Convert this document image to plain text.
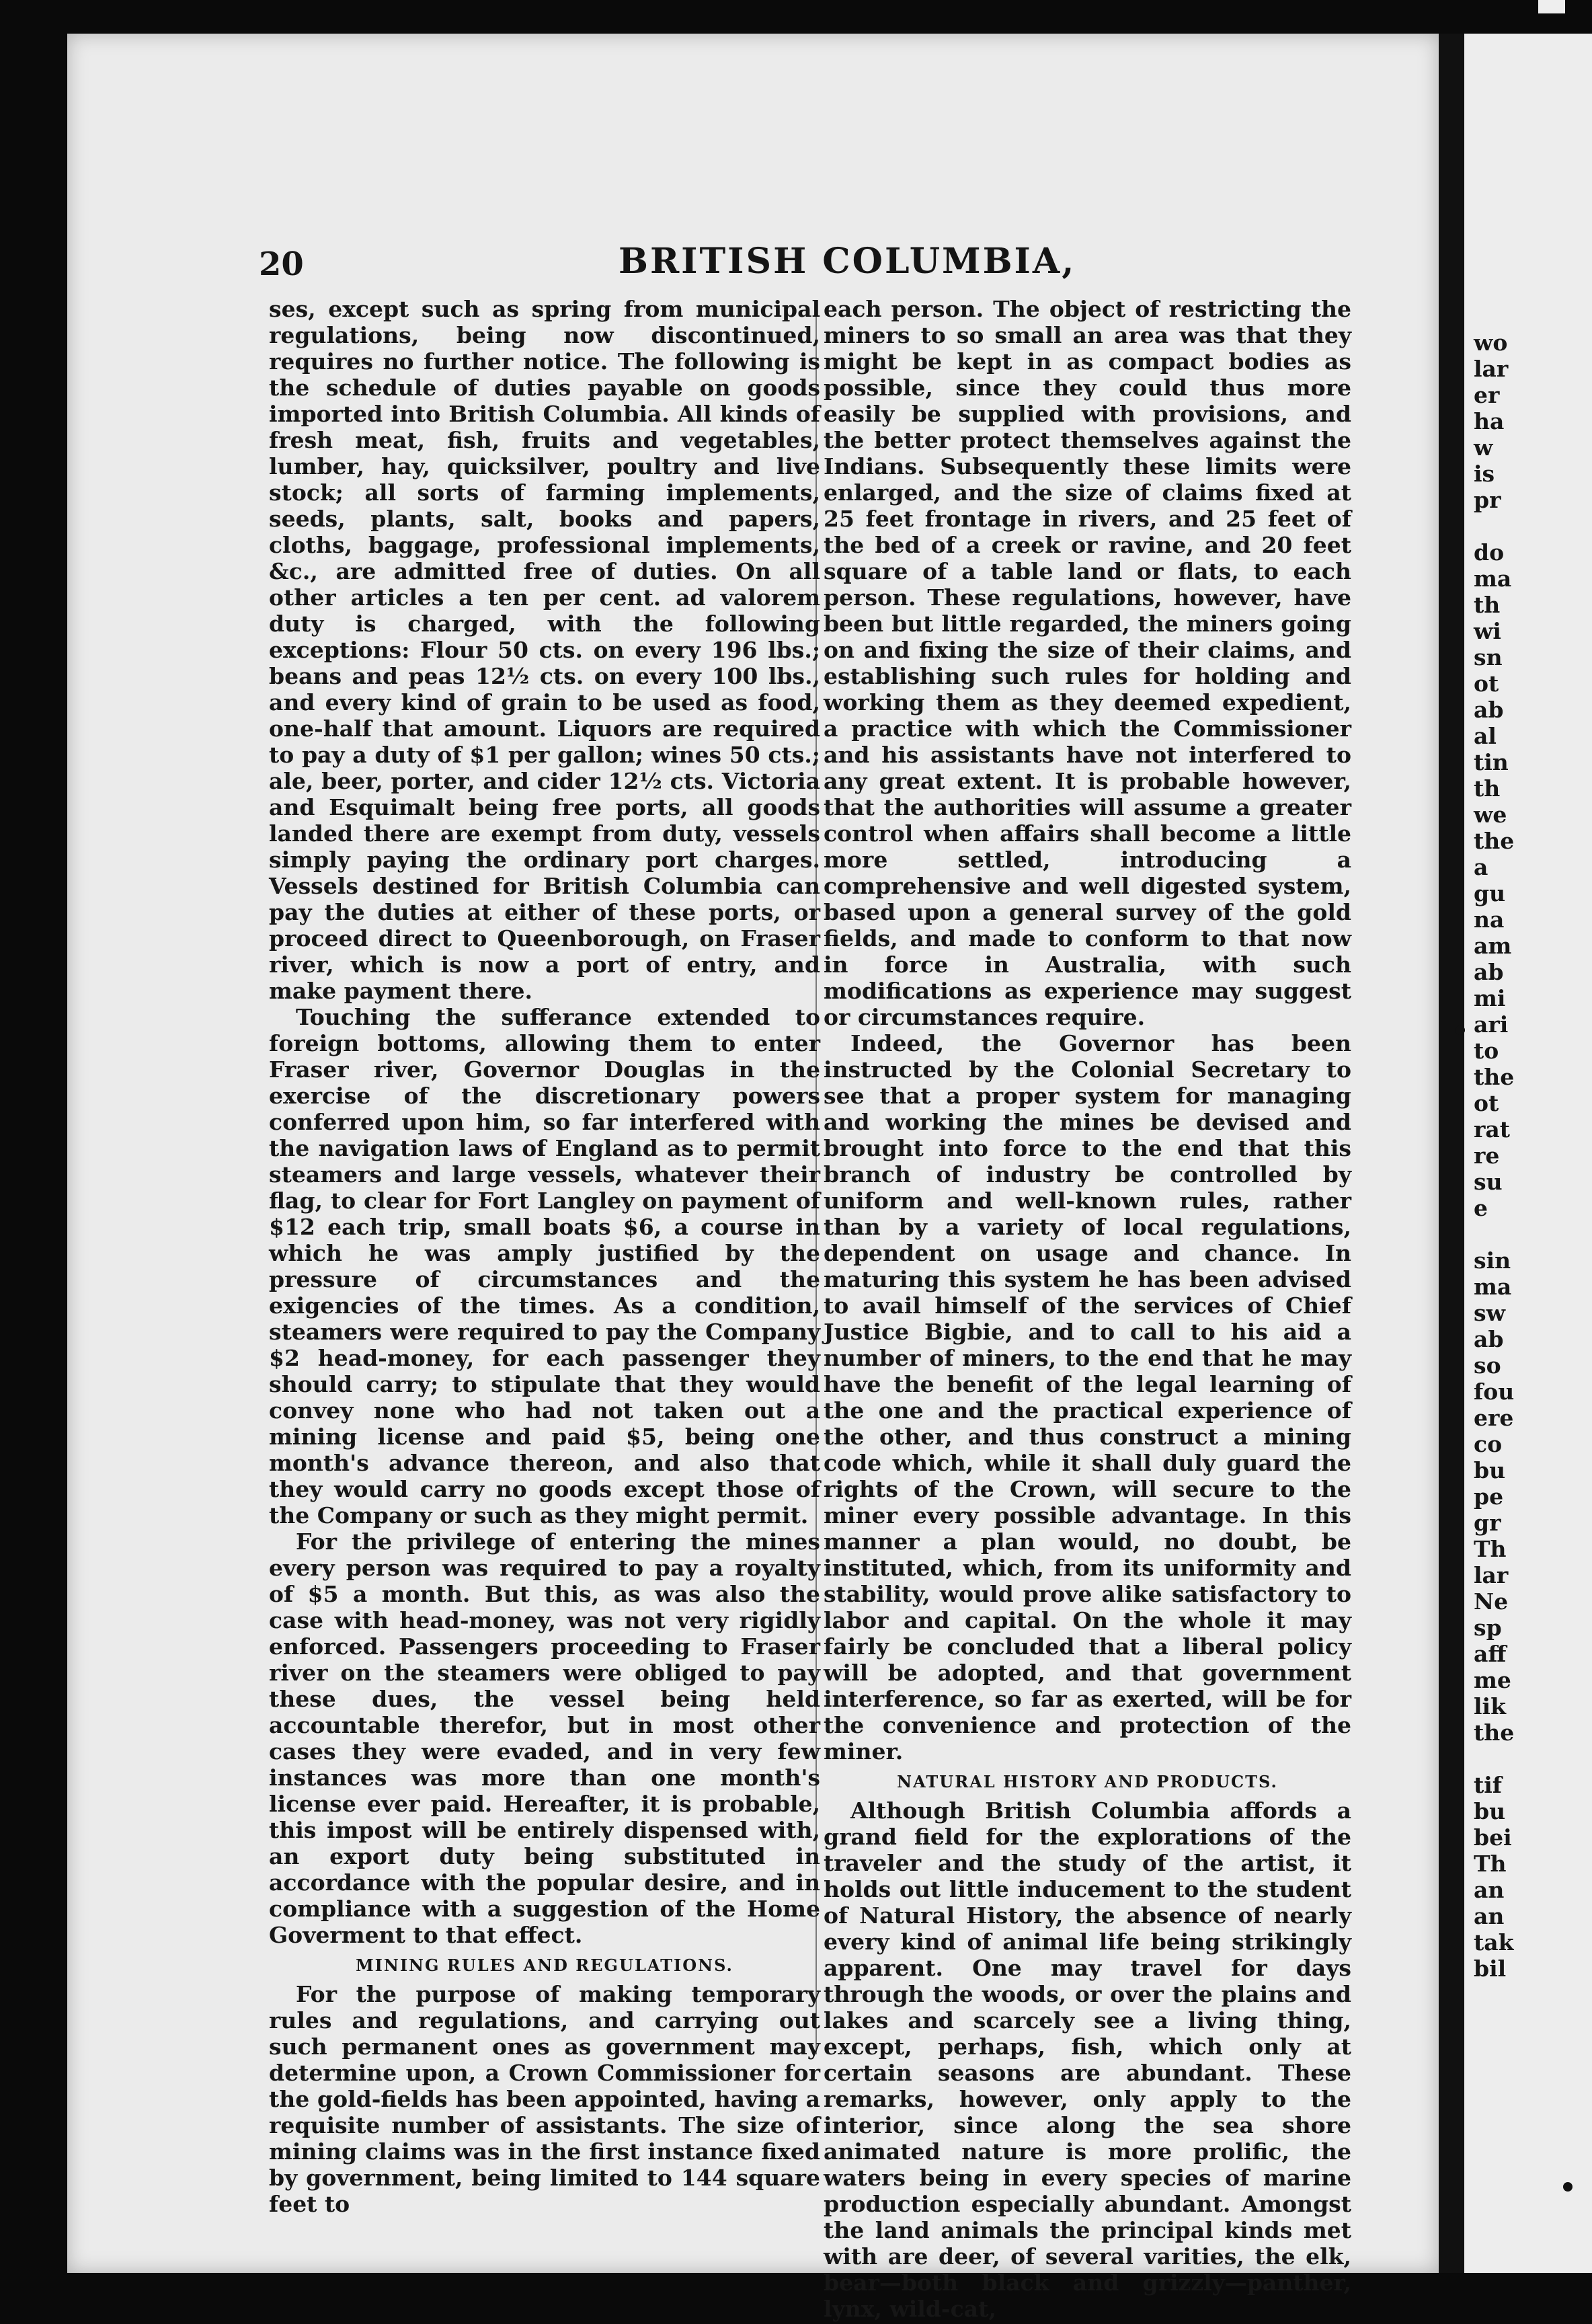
wo
lar
er
ha
w
is
pr

do
ma
th
wi
sn
ot
ab
al
tin
th
we
the
a
gu
na
am
ab
mi
ari
to
the
ot
rat
re
su
e

sin
ma
sw
ab
so
fou
ere
co
bu
pe
gr
Th
lar
Ne
sp
aff
me
lik
the

tif
bu
bei
Th
an
an
tak
bil
20	BRITISH COLUMBIA,

ses, except such as spring from municipal regulations, being now discontinued, requires no further notice. The following is the schedule of duties payable on goods imported into British Columbia. All kinds of fresh meat, fish, fruits and vegetables, lumber, hay, quicksilver, poultry and live stock; all sorts of farming implements, seeds, plants, salt, books and papers, cloths, baggage, professional implements, &c., are admitted free of duties. On all other articles a ten per cent. ad valorem duty is charged, with the following exceptions: Flour 50 cts. on every 196 lbs.; beans and peas 12½ cts. on every 100 lbs., and every kind of grain to be used as food, one-half that amount. Liquors are required to pay a duty of $1 per gallon; wines 50 cts.; ale, beer, porter, and cider 12½ cts. Victoria and Esquimalt being free ports, all goods landed there are exempt from duty, vessels simply paying the ordinary port charges. Vessels destined for British Columbia can pay the duties at either of these ports, or proceed direct to Queenborough, on Fraser river, which is now a port of entry, and make payment there.

Touching the sufferance extended to foreign bottoms, allowing them to enter Fraser river, Governor Douglas in the exercise of the discretionary powers conferred upon him, so far interfered with the navigation laws of England as to permit steamers and large vessels, whatever their flag, to clear for Fort Langley on payment of $12 each trip, small boats $6, a course in which he was amply justified by the pressure of circumstances and the exigencies of the times. As a condition, steamers were required to pay the Company $2 head-money, for each passenger they should carry; to stipulate that they would convey none who had not taken out a mining license and paid $5, being one month's advance thereon, and also that they would carry no goods except those of the Company or such as they might permit.

For the privilege of entering the mines every person was required to pay a royalty of $5 a month. But this, as was also the case with head-money, was not very rigidly enforced. Passengers proceeding to Fraser river on the steamers were obliged to pay these dues, the vessel being held accountable therefor, but in most other cases they were evaded, and in very few instances was more than one month's license ever paid. Hereafter, it is probable, this impost will be entirely dispensed with, an export duty being substituted in accordance with the popular desire, and in compliance with a suggestion of the Home Goverment to that effect.

MINING RULES AND REGULATIONS.

For the purpose of making temporary rules and regulations, and carrying out such permanent ones as government may determine upon, a Crown Commissioner for the gold-fields has been appointed, having a requisite number of assistants. The size of mining claims was in the first instance fixed by government, being limited to 144 square feet to

each person. The object of restricting the miners to so small an area was that they might be kept in as compact bodies as possible, since they could thus more easily be supplied with provisions, and the better protect themselves against the Indians. Subsequently these limits were enlarged, and the size of claims fixed at 25 feet frontage in rivers, and 25 feet of the bed of a creek or ravine, and 20 feet square of a table land or flats, to each person. These regulations, however, have been but little regarded, the miners going on and fixing the size of their claims, and establishing such rules for holding and working them as they deemed expedient, a practice with which the Commissioner and his assistants have not interfered to any great extent. It is probable however, that the authorities will assume a greater control when affairs shall become a little more settled, introducing a comprehensive and well digested system, based upon a general survey of the gold fields, and made to conform to that now in force in Australia, with such modifications as experience may suggest or circumstances require.

Indeed, the Governor has been instructed by the Colonial Secretary to see that a proper system for managing and working the mines be devised and brought into force to the end that this branch of industry be controlled by uniform and well-known rules, rather than by a variety of local regulations, dependent on usage and chance. In maturing this system he has been advised to avail himself of the services of Chief Justice Bigbie, and to call to his aid a number of miners, to the end that he may have the benefit of the legal learning of the one and the practical experience of the other, and thus construct a mining code which, while it shall duly guard the rights of the Crown, will secure to the miner every possible advantage. In this manner a plan would, no doubt, be instituted, which, from its uniformity and stability, would prove alike satisfactory to labor and capital. On the whole it may fairly be concluded that a liberal policy will be adopted, and that government interference, so far as exerted, will be for the convenience and protection of the miner.

NATURAL HISTORY AND PRODUCTS.

Although British Columbia affords a grand field for the explorations of the traveler and the study of the artist, it holds out little inducement to the student of Natural History, the absence of nearly every kind of animal life being strikingly apparent. One may travel for days through the woods, or over the plains and lakes and scarcely see a living thing, except, perhaps, fish, which only at certain seasons are abundant. These remarks, however, only apply to the interior, since along the sea shore animated nature is more prolific, the waters being in every species of marine production especially abundant. Amongst the land animals the principal kinds met with are deer, of several varities, the elk, bear—both black and grizzly—panther, lynx, wild-cat,
